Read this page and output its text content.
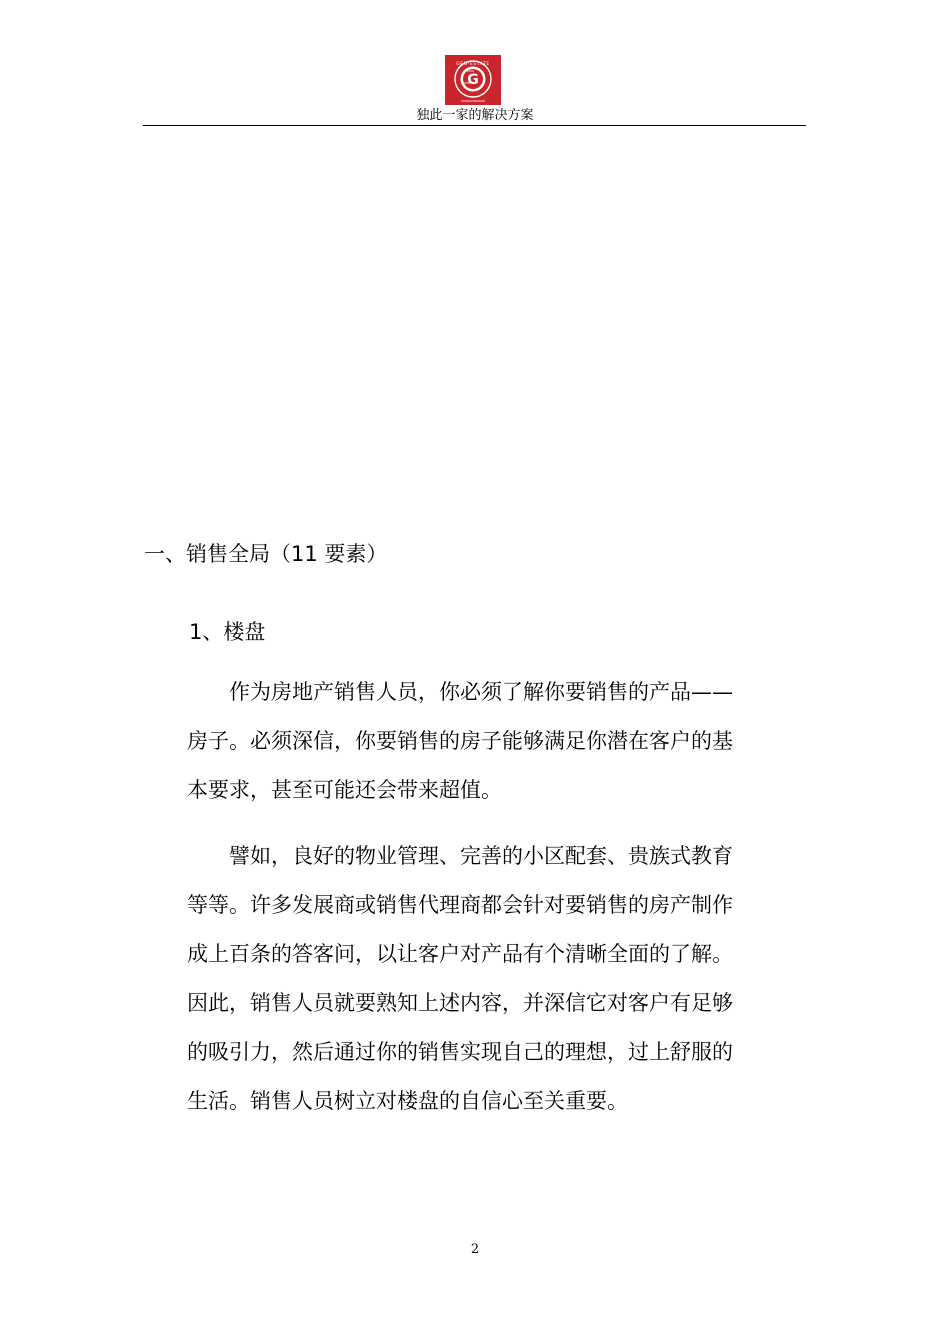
G
GEN-ESTATE
独此一家的解决方案
一、销售全局（11 要素）
1、楼盘
作为房地产销售人员，你必须了解你要销售的产品——
房子。必须深信，你要销售的房子能够满足你潜在客户的基
本要求，甚至可能还会带来超值。
譬如，良好的物业管理、完善的小区配套、贵族式教育
等等。许多发展商或销售代理商都会针对要销售的房产制作
成上百条的答客问，以让客户对产品有个清晰全面的了解。
因此，销售人员就要熟知上述内容，并深信它对客户有足够
的吸引力，然后通过你的销售实现自己的理想，过上舒服的
生活。销售人员树立对楼盘的自信心至关重要。
2
